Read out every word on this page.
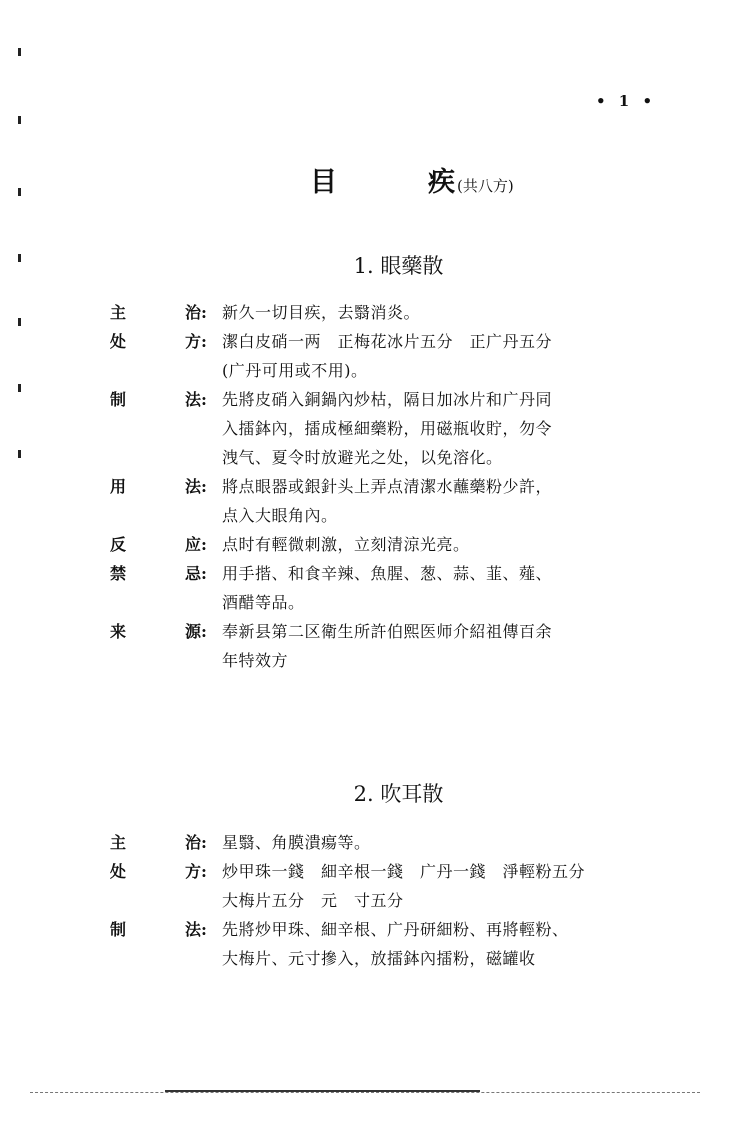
• 1 •
目	疾 (共八方)
1. 眼藥散
主	治: 新久一切目疾，去翳消炎。
处	方: 潔白皮硝一两　正梅花冰片五分　正广丹五分
(广丹可用或不用)。
制	法: 先將皮硝入銅鍋內炒枯，隔日加冰片和广丹同
入擂鉢內，擂成極細藥粉，用磁瓶收貯，勿令
洩气、夏令时放避光之处，以免溶化。
用	法: 將点眼器或銀針头上弄点清潔水蘸藥粉少許，
点入大眼角內。
反	应: 点时有輕微刺激，立刻清涼光亮。
禁	忌: 用手揩、和食辛辣、魚腥、葱、蒜、韮、薤、
酒醋等品。
来	源: 奉新县第二区衛生所許伯熙医师介紹祖傳百余
年特效方
2. 吹耳散
主	治: 星翳、角膜潰瘍等。
处	方: 炒甲珠一錢　細辛根一錢　广丹一錢　淨輕粉五分
大梅片五分　元　寸五分
制	法: 先將炒甲珠、細辛根、广丹研細粉、再將輕粉、
大梅片、元寸摻入，放擂鉢內擂粉，磁罐收
